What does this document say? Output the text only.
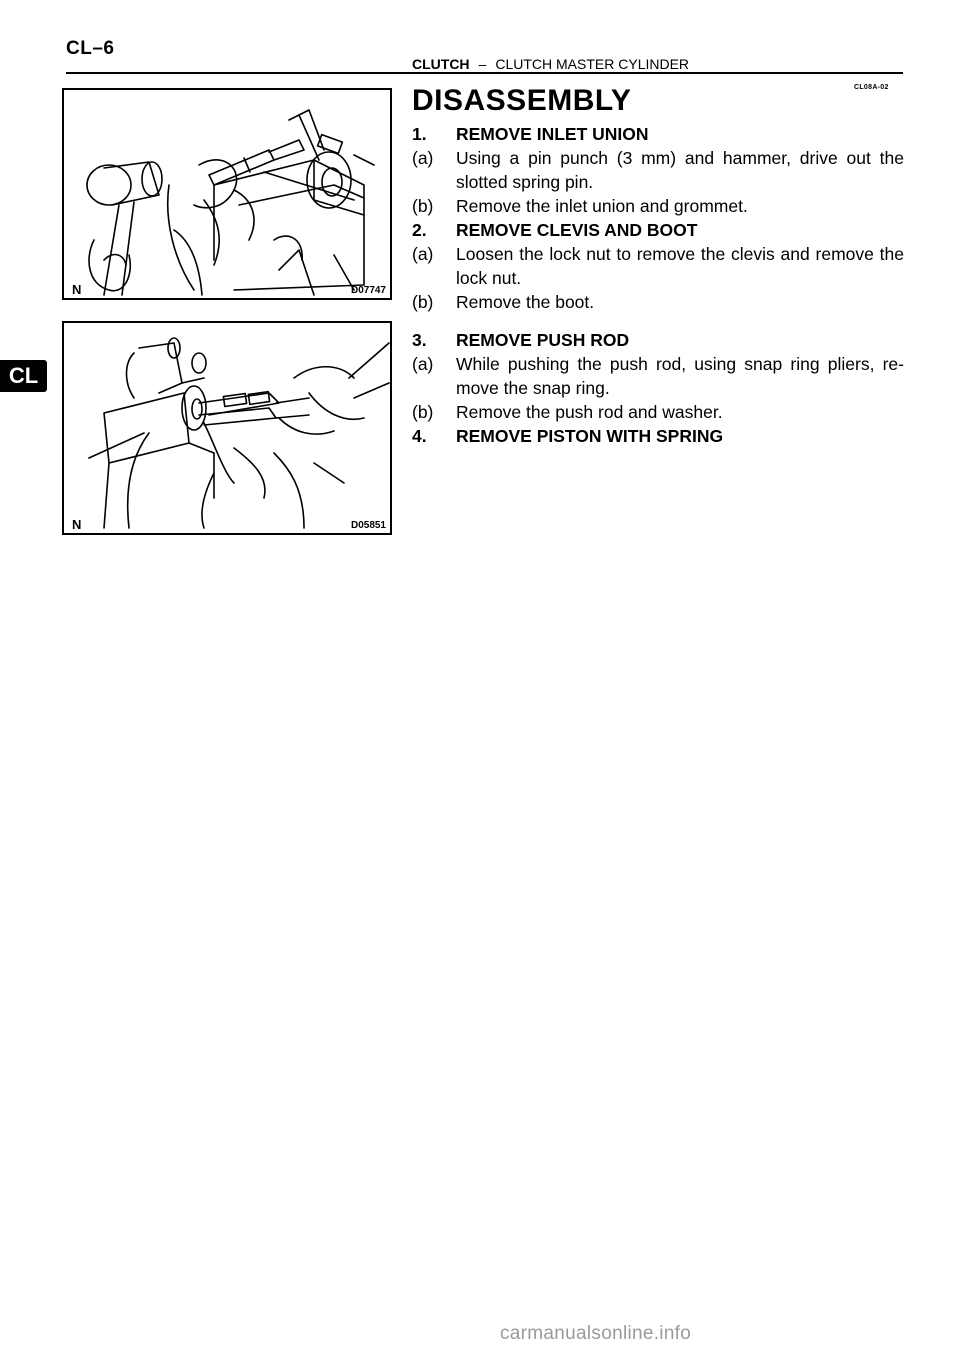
CL–6
CLUTCH – CLUTCH MASTER CYLINDER
CL08A-02
CL
N	D07747
N	D05851
DISASSEMBLY
1.	REMOVE INLET UNION
(a)	Using a pin punch (3 mm) and hammer, drive out the slotted spring pin.
(b)	Remove the inlet union and grommet.
2.	REMOVE CLEVIS AND BOOT
(a)	Loosen the lock nut to remove the clevis and remove the lock nut.
(b)	Remove the boot.
3.	REMOVE PUSH ROD
(a)	While pushing the push rod, using snap ring pliers, re- move the snap ring.
(b)	Remove the push rod and washer.
4.	REMOVE PISTON WITH SPRING
carmanualsonline.info
